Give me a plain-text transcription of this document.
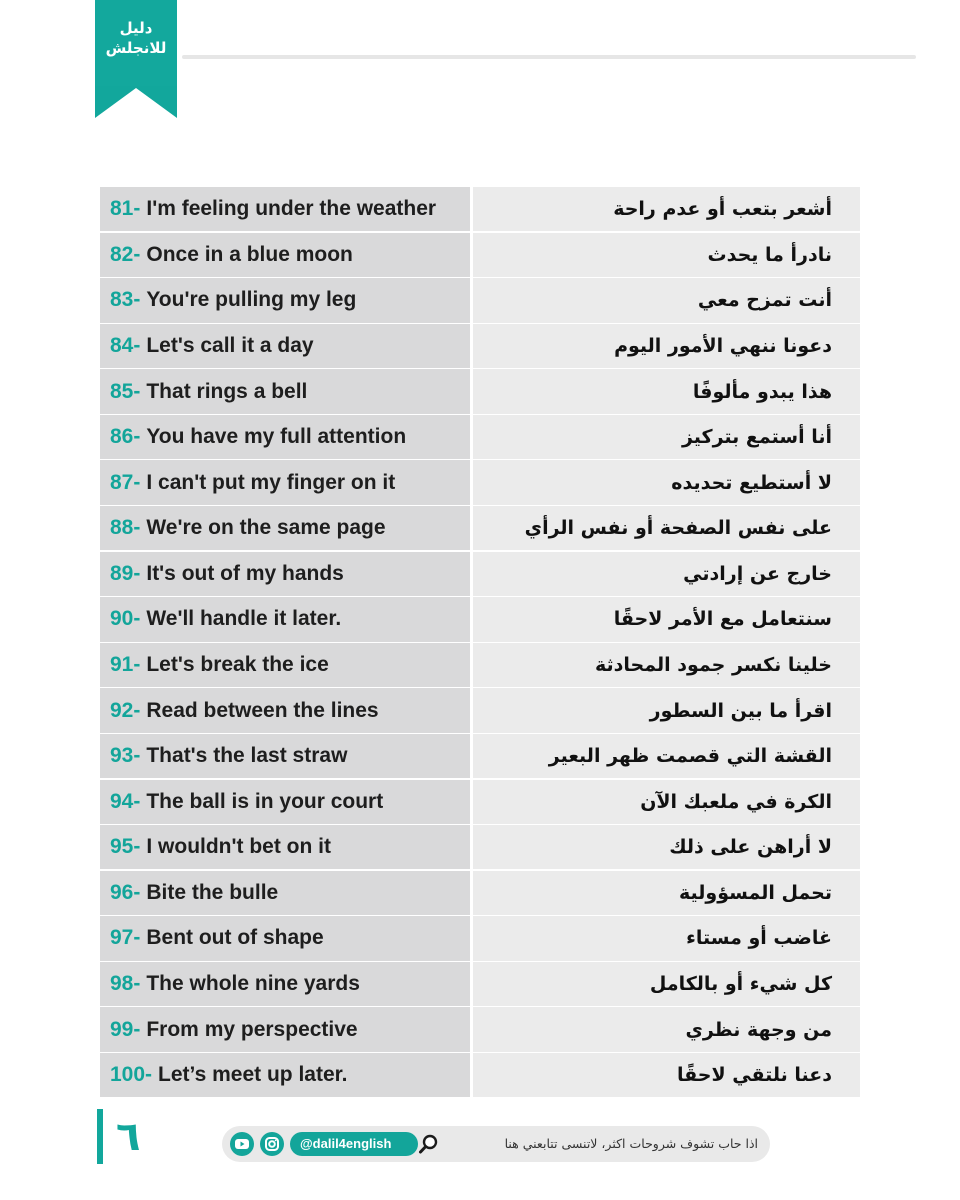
دليل
للانجلش
81- I'm feeling under the weather	أشعر بتعب أو عدم راحة
82- Once in a blue moon	نادرأ ما يحدث
83- You're pulling my leg	أنت تمزح معي
84- Let's call it a day	دعونا ننهي الأمور اليوم
85- That rings a bell	هذا يبدو مألوفًا
86- You have my full attention	أنا أستمع بتركيز
87- I can't put my finger on it	لا أستطيع تحديده
88- We're on the same page	على نفس الصفحة أو نفس الرأي
89- It's out of my hands	خارج عن إرادتي
90- We'll handle it later.	سنتعامل مع الأمر لاحقًا
91- Let's break the ice	خلينا نكسر جمود المحادثة
92- Read between the lines	اقرأ ما بين السطور
93- That's the last straw	القشة التي قصمت ظهر البعير
94- The ball is in your court	الكرة في ملعبك الآن
95- I wouldn't bet on it	لا أراهن على ذلك
96- Bite the bulle	تحمل المسؤولية
97- Bent out of shape	غاضب أو مستاء
98- The whole nine yards	كل شيء أو بالكامل
99- From my perspective	من وجهة نظري
100- Let’s meet up later.	دعنا نلتقي لاحقًا
٦	@dalil4english	اذا حاب تشوف شروحات اكثر، لاتنسى تتابعني هنا
